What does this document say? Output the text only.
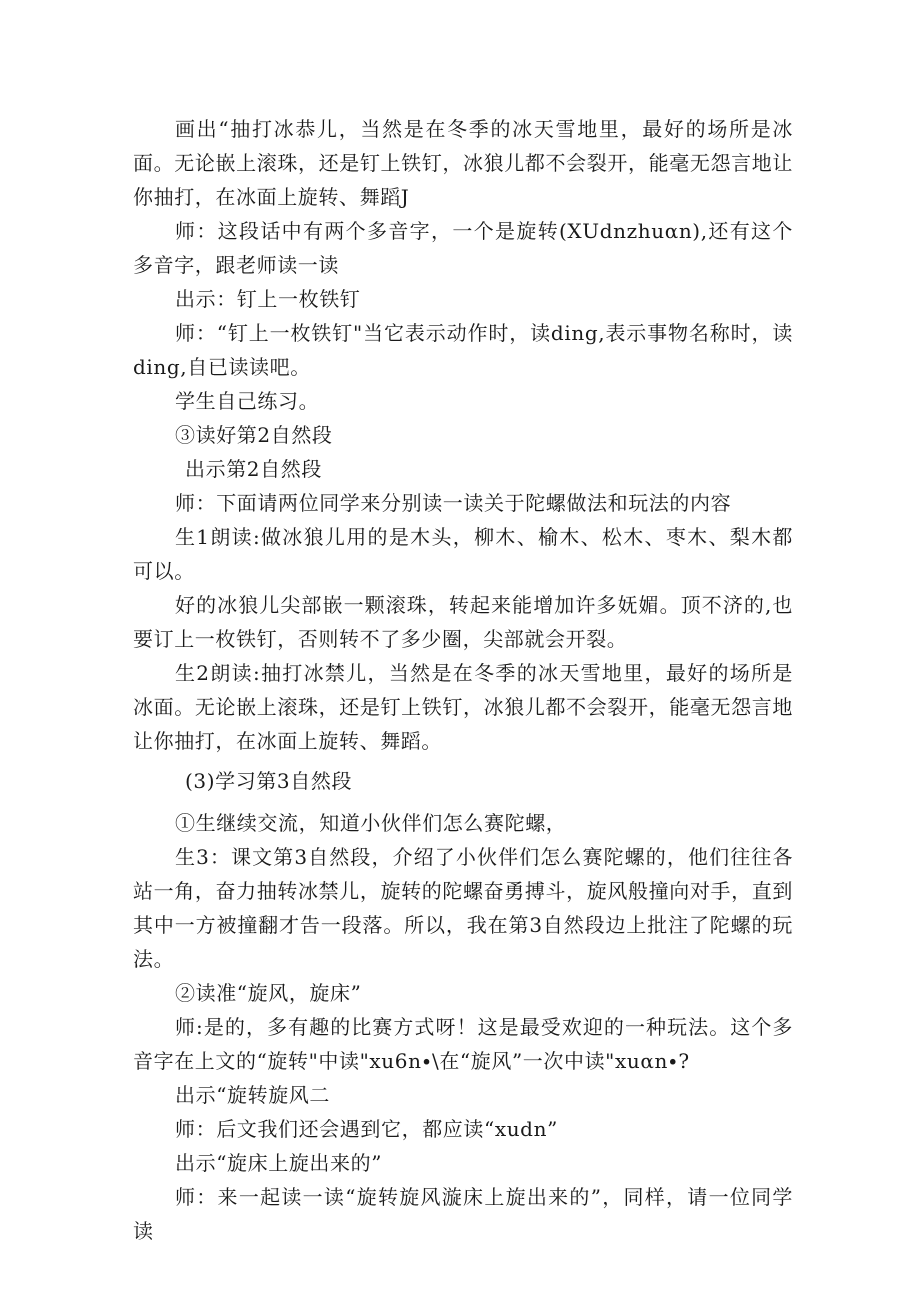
画出“抽打冰恭儿，当然是在冬季的冰天雪地里，最好的场所是冰面。无论嵌上滚珠，还是钉上铁钉，冰狼儿都不会裂开，能毫无怨言地让你抽打，在冰面上旋转、舞蹈J

师：这段话中有两个多音字，一个是旋转(XUdnzhuαn),还有这个多音字，跟老师读一读

出示：钉上一枚铁钉

师：“钉上一枚铁钉"当它表示动作时，读ding,表示事物名称时，读ding,自已读读吧。

学生自己练习。

③读好第2自然段

出示第2自然段

师：下面请两位同学来分别读一读关于陀螺做法和玩法的内容

生1朗读:做冰狼儿用的是木头，柳木、榆木、松木、枣木、梨木都可以。

好的冰狼儿尖部嵌一颗滚珠，转起来能增加许多妩媚。顶不济的,也要订上一枚铁钉，否则转不了多少圈，尖部就会开裂。

生2朗读:抽打冰禁儿，当然是在冬季的冰天雪地里，最好的场所是冰面。无论嵌上滚珠，还是钉上铁钉，冰狼儿都不会裂开，能毫无怨言地让你抽打，在冰面上旋转、舞蹈。

(3)学习第3自然段

①生继续交流，知道小伙伴们怎么赛陀螺，

生3：课文第3自然段，介绍了小伙伴们怎么赛陀螺的，他们往往各站一角，奋力抽转冰禁儿，旋转的陀螺奋勇搏斗，旋风般撞向对手，直到其中一方被撞翻才告一段落。所以，我在第3自然段边上批注了陀螺的玩法。

②读准“旋风，旋床”

师:是的，多有趣的比赛方式呀！这是最受欢迎的一种玩法。这个多音字在上文的“旋转"中读"xu6n∙\在“旋风”一次中读"xuαn∙?

出示“旋转旋风二

师：后文我们还会遇到它，都应读“xudn”

出示“旋床上旋出来的”

师：来一起读一读“旋转旋风漩床上旋出来的”，同样，请一位同学读
